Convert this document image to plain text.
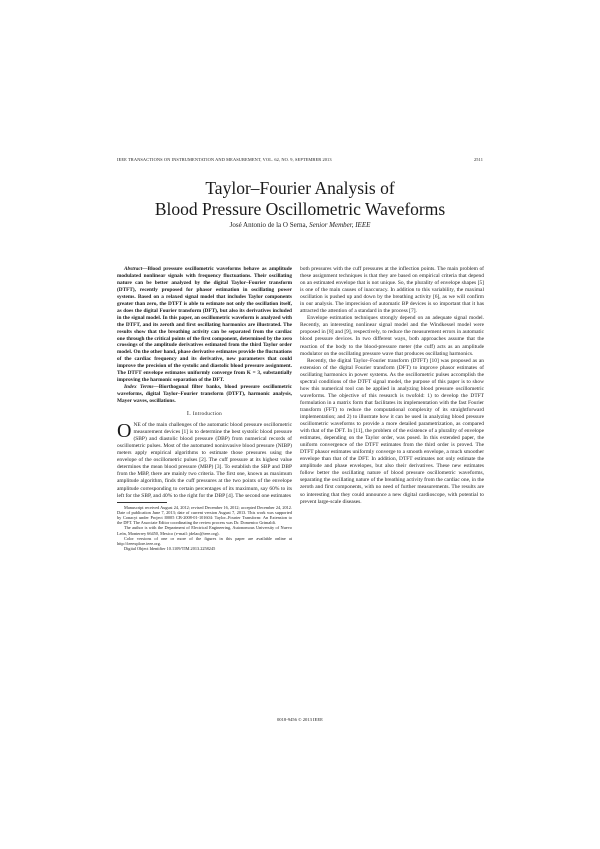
IEEE TRANSACTIONS ON INSTRUMENTATION AND MEASUREMENT, VOL. 62, NO. 9, SEPTEMBER 2013	2511
Taylor–Fourier Analysis of
Blood Pressure Oscillometric Waveforms
José Antonio de la O Serna, Senior Member, IEEE

Abstract—Blood pressure oscillometric waveforms behave as amplitude modulated nonlinear signals with frequency fluctuations. Their oscillating nature can be better analyzed by the digital Taylor–Fourier transform (DTFT), recently proposed for phasor estimation in oscillating power systems. Based on a relaxed signal model that includes Taylor components greater than zero, the DTFT is able to estimate not only the oscillation itself, as does the digital Fourier transform (DFT), but also its derivatives included in the signal model. In this paper, an oscillometric waveform is analyzed with the DTFT, and its zeroth and first oscillating harmonics are illustrated. The results show that the breathing activity can be separated from the cardiac one through the critical points of the first component, determined by the zero crossings of the amplitude derivatives estimated from the third Taylor order model. On the other hand, phase derivative estimates provide the fluctuations of the cardiac frequency and its derivative, new parameters that could improve the precision of the systolic and diastolic blood pressure assignment. The DTFT envelope estimates uniformly converge from K = 3, substantially improving the harmonic separation of the DFT.

Index Terms—Biorthogonal filter banks, blood pressure oscillometric waveforms, digital Taylor–Fourier transform (DTFT), harmonic analysis, Mayer waves, oscillations.

I. Introduction
O NE of the main challenges of the automatic blood pressure oscillometric measurement devices [1] is to determine the best systolic blood pressure (SBP) and diastolic blood pressure (DBP) from numerical records of oscillometric pulses. Most of the automated noninvasive blood pressure (NIBP) meters apply empirical algorithms to estimate those pressures using the envelope of the oscillometric pulses [2]. The cuff pressure at its highest value determines the mean blood pressure (MBP) [3]. To establish the SBP and DBP from the MBP, there are mainly two criteria. The first one, known as maximum amplitude algorithm, finds the cuff pressures at the two points of the envelope amplitude corresponding to certain percentages of its maximum, say 60% to its left for the SBP, and 40% to the right for the DBP [4]. The second one estimates

Manuscript received August 24, 2012; revised December 16, 2012; accepted December 24, 2012. Date of publication June 7, 2013; date of current version August 7, 2013. This work was supported by Conacyt under Project I0005 CB-2008-01-101604: Taylor–Fourier Transform: An Extension to the DFT. The Associate Editor coordinating the review process was Dr. Domenico Grimaldi.

The author is with the Department of Electrical Engineering, Autonomous University of Nuevo León, Monterrey 66450, Mexico (e-mail: jdelao@ieee.org).

Color versions of one or more of the figures in this paper are available online at http://ieeexplore.ieee.org.

Digital Object Identifier 10.1109/TIM.2013.2258245

both pressures with the cuff pressures at the inflection points. The main problem of these assignment techniques is that they are based on empirical criteria that depend on an estimated envelope that is not unique. So, the plurality of envelope shapes [5] is one of the main causes of inaccuracy. In addition to this variability, the maximal oscillation is pushed up and down by the breathing activity [6], as we will confirm in our analysis. The imprecision of automatic BP devices is so important that it has attracted the attention of a standard in the process [7].

Envelope estimation techniques strongly depend on an adequate signal model. Recently, an interesting nonlinear signal model and the Windkessel model were proposed in [8] and [9], respectively, to reduce the measurement errors in automatic blood pressure devices. In two different ways, both approaches assume that the reaction of the body to the blood-pressure meter (the cuff) acts as an amplitude modulator on the oscillating pressure wave that produces oscillating harmonics.

Recently, the digital Taylor–Fourier transform (DTFT) [10] was proposed as an extension of the digital Fourier transform (DFT) to improve phasor estimates of oscillating harmonics in power systems. As the oscillometric pulses accomplish the spectral conditions of the DTFT signal model, the purpose of this paper is to show how this numerical tool can be applied in analyzing blood pressure oscillometric waveforms. The objective of this research is twofold: 1) to develop the DTFT formulation in a matrix form that facilitates its implementation with the fast Fourier transform (FFT) to reduce the computational complexity of its straightforward implementation; and 2) to illustrate how it can be used in analyzing blood pressure oscillometric waveforms to provide a more detailed parametrization, as compared with that of the DFT. In [11], the problem of the existence of a plurality of envelope estimates, depending on the Taylor order, was posed. In this extended paper, the uniform convergence of the DTFT estimates from the third order is proved. The DTFT phasor estimates uniformly converge to a smooth envelope, a much smoother envelope than that of the DFT. In addition, DTFT estimates not only estimate the amplitude and phase envelopes, but also their derivatives. These new estimates follow better the oscillating nature of blood pressure oscillometric waveforms, separating the oscillating nature of the breathing activity from the cardiac one, in the zeroth and first components, with no need of further measurements. The results are so interesting that they could announce a new digital cardioscope, with potential to prevent large-scale diseases.

0018-9456 © 2013 IEEE
